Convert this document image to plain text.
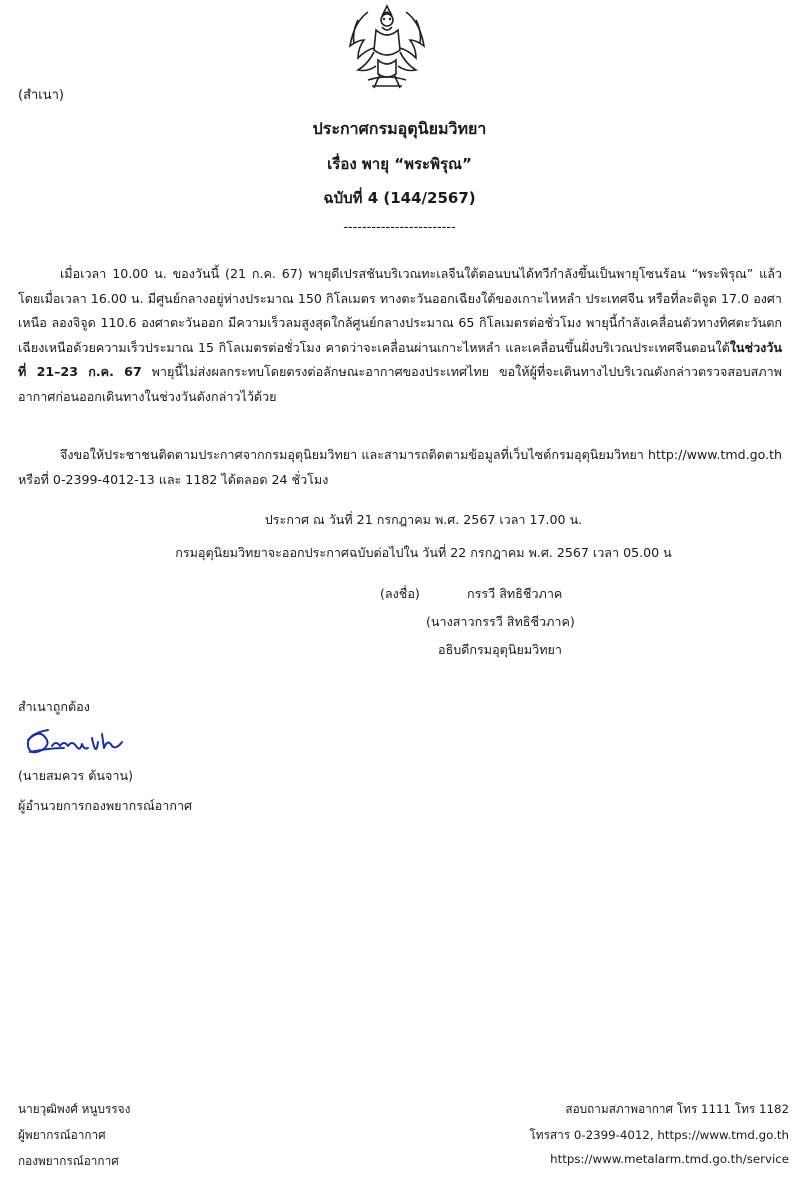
(สำเนา)
ประกาศกรมอุตุนิยมวิทยา
เรื่อง พายุ “พระพิรุณ”
ฉบับที่ 4 (144/2567)
------------------------
เมื่อเวลา 10.00 น. ของวันนี้ (21 ก.ค. 67) พายุดีเปรสชันบริเวณทะเลจีนใต้ตอนบนได้ทวีกำลังขึ้นเป็นพายุโซนร้อน “พระพิรุณ” แล้ว โดยเมื่อเวลา 16.00 น. มีศูนย์กลางอยู่ห่างประมาณ 150 กิโลเมตร ทางตะวันออกเฉียงใต้ของเกาะไหหลำ ประเทศจีน หรือที่ละติจูด 17.0 องศาเหนือ ลองจิจูด 110.6 องศาตะวันออก มีความเร็วลมสูงสุดใกล้ศูนย์กลางประมาณ 65 กิโลเมตรต่อชั่วโมง พายุนี้กำลังเคลื่อนตัวทางทิศตะวันตกเฉียงเหนือด้วยความเร็วประมาณ 15 กิโลเมตรต่อชั่วโมง คาดว่าจะเคลื่อนผ่านเกาะไหหลำ และเคลื่อนขึ้นฝั่งบริเวณประเทศจีนตอนใต้ในช่วงวันที่ 21–23 ก.ค. 67 พายุนี้ไม่ส่งผลกระทบโดยตรงต่อลักษณะอากาศของประเทศไทย ขอให้ผู้ที่จะเดินทางไปบริเวณดังกล่าวตรวจสอบสภาพอากาศก่อนออกเดินทางในช่วงวันดังกล่าวไว้ด้วย
จึงขอให้ประชาชนติดตามประกาศจากกรมอุตุนิยมวิทยา และสามารถติดตามข้อมูลที่เว็บไซต์กรมอุตุนิยมวิทยา http://www.tmd.go.th หรือที่ 0-2399-4012-13 และ 1182 ได้ตลอด 24 ชั่วโมง
ประกาศ ณ วันที่ 21 กรกฎาคม พ.ศ. 2567 เวลา 17.00 น.
กรมอุตุนิยมวิทยาจะออกประกาศฉบับต่อไปใน วันที่ 22 กรกฎาคม พ.ศ. 2567 เวลา 05.00 น
(ลงชื่อ)	กรรวี สิทธิชีวภาค
(นางสาวกรรวี สิทธิชีวภาค)
อธิบดีกรมอุตุนิยมวิทยา
สำเนาถูกต้อง
(นายสมควร ต้นจาน)
ผู้อำนวยการกองพยากรณ์อากาศ
นายวุฒิพงศ์ หนูบรรจง
ผู้พยากรณ์อากาศ
กองพยากรณ์อากาศ
สอบถามสภาพอากาศ โทร 1111 โทร 1182
โทรสาร 0-2399-4012, https://www.tmd.go.th
https://www.metalarm.tmd.go.th/service
